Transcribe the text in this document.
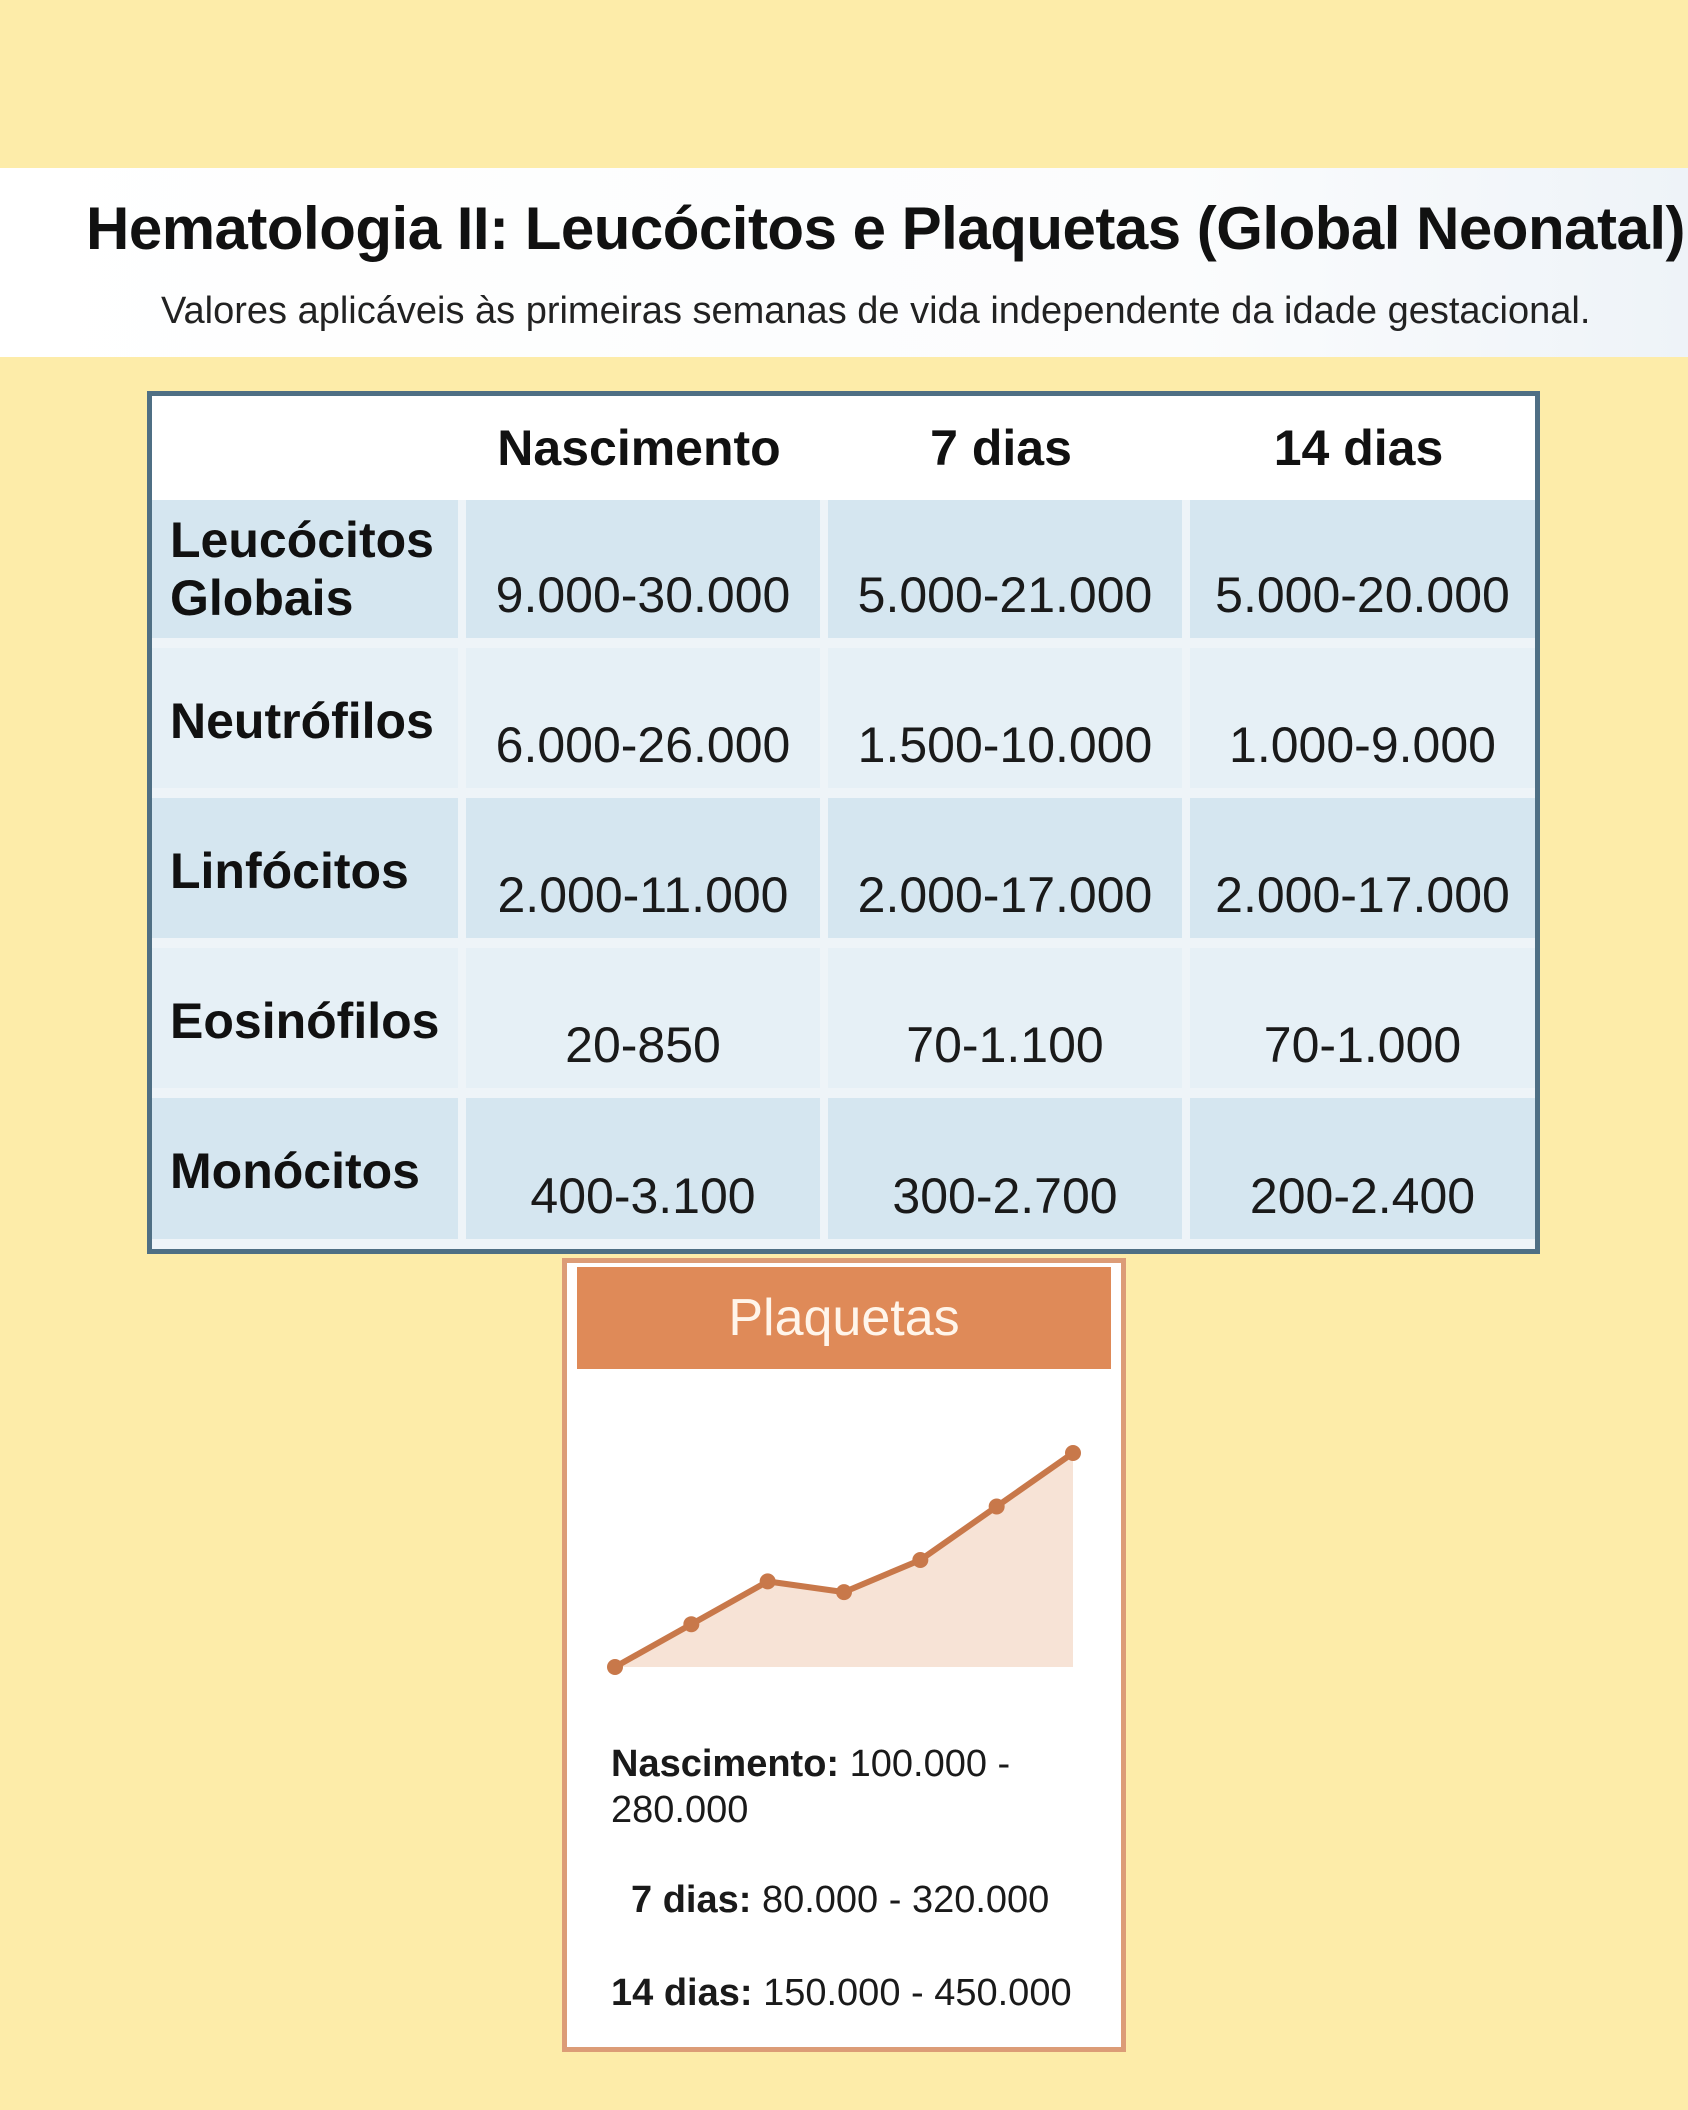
Hematologia II: Leucócitos e Plaquetas (Global Neonatal)

Valores aplicáveis às primeiras semanas de vida independente da idade gestacional.

	Nascimento	7 dias	14 dias
Leucócitos Globais	9.000-30.000	5.000-21.000	5.000-20.000
Neutrófilos	6.000-26.000	1.500-10.000	1.000-9.000
Linfócitos	2.000-11.000	2.000-17.000	2.000-17.000
Eosinófilos	20-850	70-1.100	70-1.000
Monócitos	400-3.100	300-2.700	200-2.400
Plaquetas
Nascimento: 100.000 - 280.000
7 dias: 80.000 - 320.000
14 dias: 150.000 - 450.000
